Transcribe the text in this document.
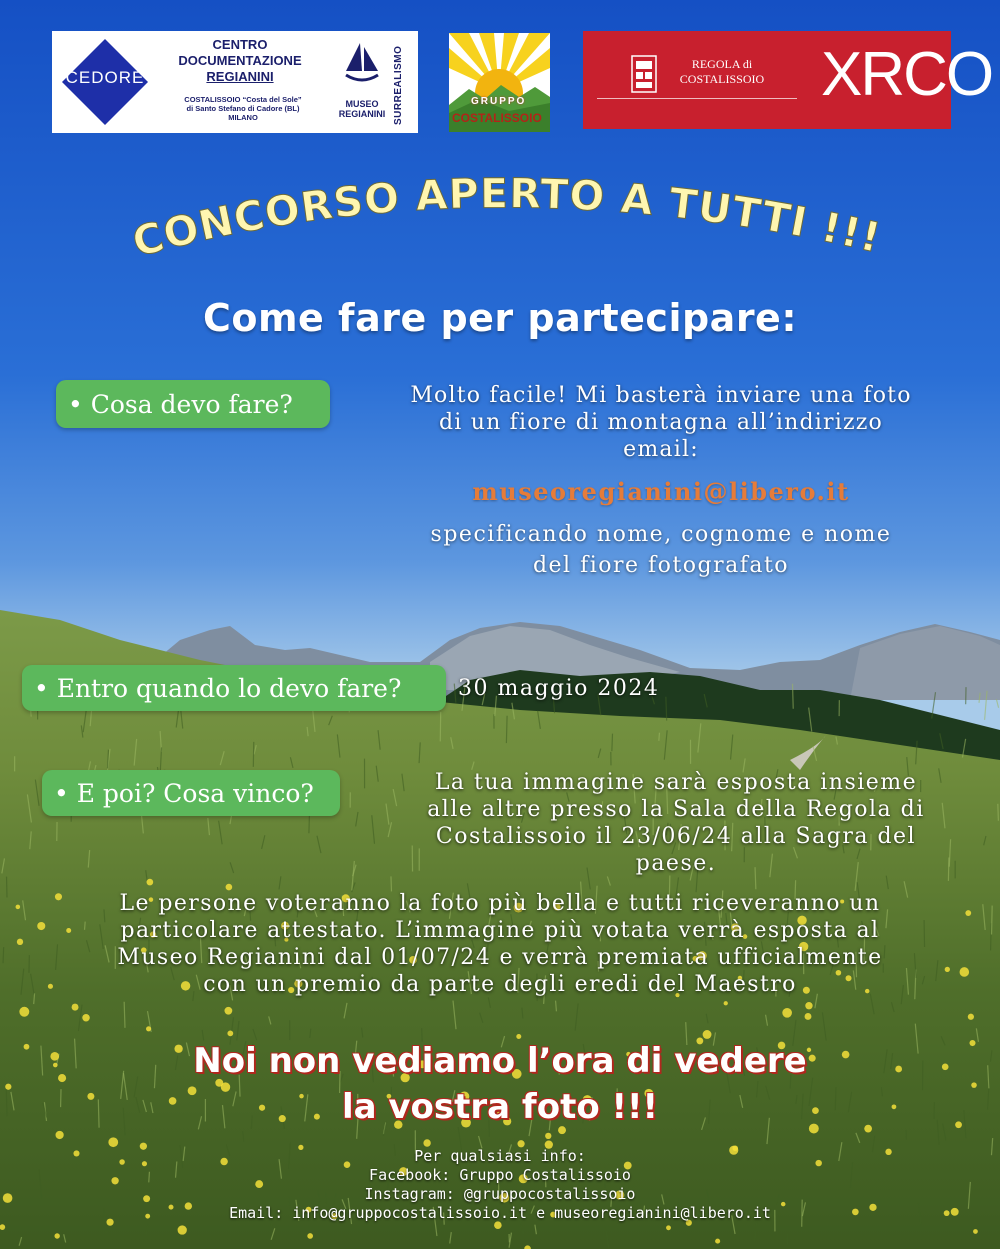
CEDORE
CENTRO
DOCUMENTAZIONE
REGIANINI
COSTALISSOIO “Costa del Sole”
di Santo Stefano di Cadore (BL)
MILANO
MUSEO
REGIANINI SURREALISMO	GRUPPO
COSTALISSOIO
REGOLA di
COSTALISSOIO XRCO
CONCORSO APERTO A TUTTI !!!
Come fare per partecipare:
• Cosa devo fare?	Molto facile! Mi basterà inviare una foto
di un fiore di montagna all’indirizzo
email:
museoregianini@libero.it
specificando nome, cognome e nome
del fiore fotografato
• Entro quando lo devo fare?	30 maggio 2024
• E poi? Cosa vinco?	La tua immagine sarà esposta insieme
alle altre presso la Sala della Regola di
Costalissoio il 23/06/24 alla Sagra del
paese.
Le persone voteranno la foto più bella e tutti riceveranno un
particolare attestato. L’immagine più votata verrà esposta al
Museo Regianini dal 01/07/24 e verrà premiata ufficialmente
con un premio da parte degli eredi del Maestro
Noi non vediamo l’ora di vedere
la vostra foto !!!
Per qualsiasi info:
Facebook: Gruppo Costalissoio
Instagram: @gruppocostalissoio
Email: info@gruppocostalissoio.it e museoregianini@libero.it
